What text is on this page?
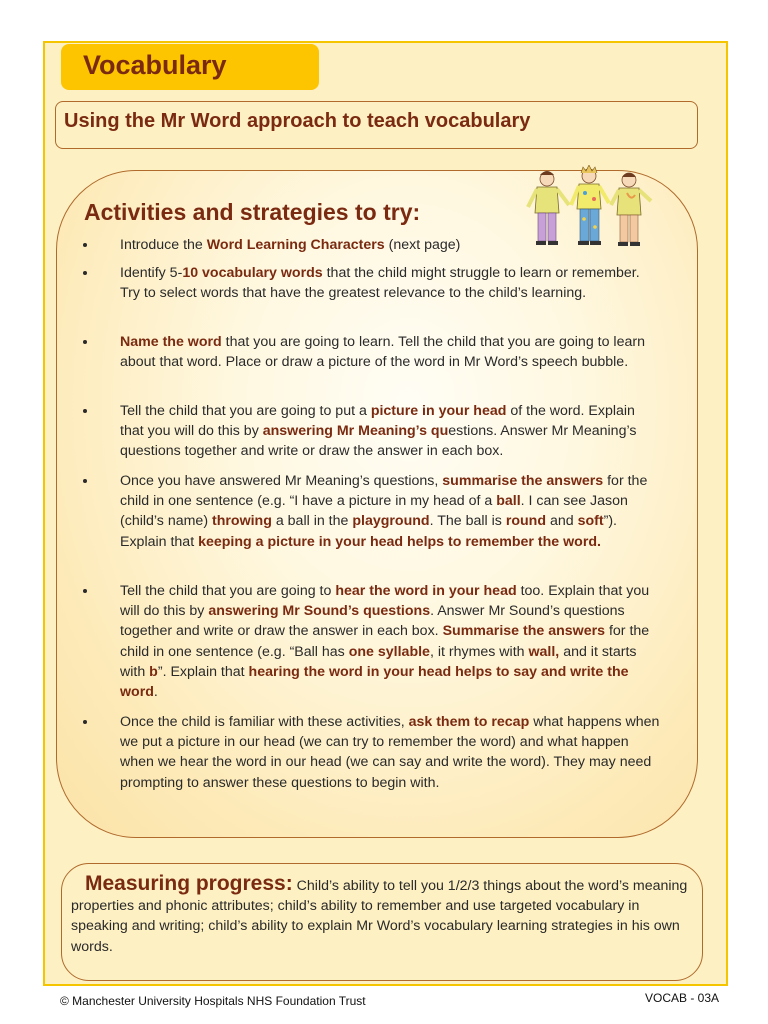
Vocabulary
Using the Mr Word approach to teach vocabulary
Activities and strategies to try:
Introduce the Word Learning Characters (next page)
Identify 5-10 vocabulary words that the child might struggle to learn or remember. Try to select words that have the greatest relevance to the child’s learning.
Name the word that you are going to learn. Tell the child that you are going to learn about that word. Place or draw a picture of the word in Mr Word’s speech bubble.
Tell the child that you are going to put a picture in your head of the word. Explain that you will do this by answering Mr Meaning’s questions. Answer Mr Meaning’s questions together and write or draw the answer in each box.
Once you have answered Mr Meaning’s questions, summarise the answers for the child in one sentence (e.g. “I have a picture in my head of a ball. I can see Jason (child’s name) throwing a ball in the playground. The ball is round and soft”). Explain that keeping a picture in your head helps to remember the word.
Tell the child that you are going to hear the word in your head too. Explain that you will do this by answering Mr Sound’s questions. Answer Mr Sound’s questions together and write or draw the answer in each box. Summarise the answers for the child in one sentence (e.g. “Ball has one syllable, it rhymes with wall, and it starts with b”. Explain that hearing the word in your head helps to say and write the word.
Once the child is familiar with these activities, ask them to recap what happens when we put a picture in our head (we can try to remember the word) and what happen when we hear the word in our head (we can say and write the word). They may need prompting to answer these questions to begin with.
Measuring progress: Child’s ability to tell you 1/2/3 things about the word’s meaning properties and phonic attributes; child’s ability to remember and use targeted vocabulary in speaking and writing; child’s ability to explain Mr Word’s vocabulary learning strategies in his own words.
© Manchester University Hospitals NHS Foundation Trust	VOCAB - 03A
